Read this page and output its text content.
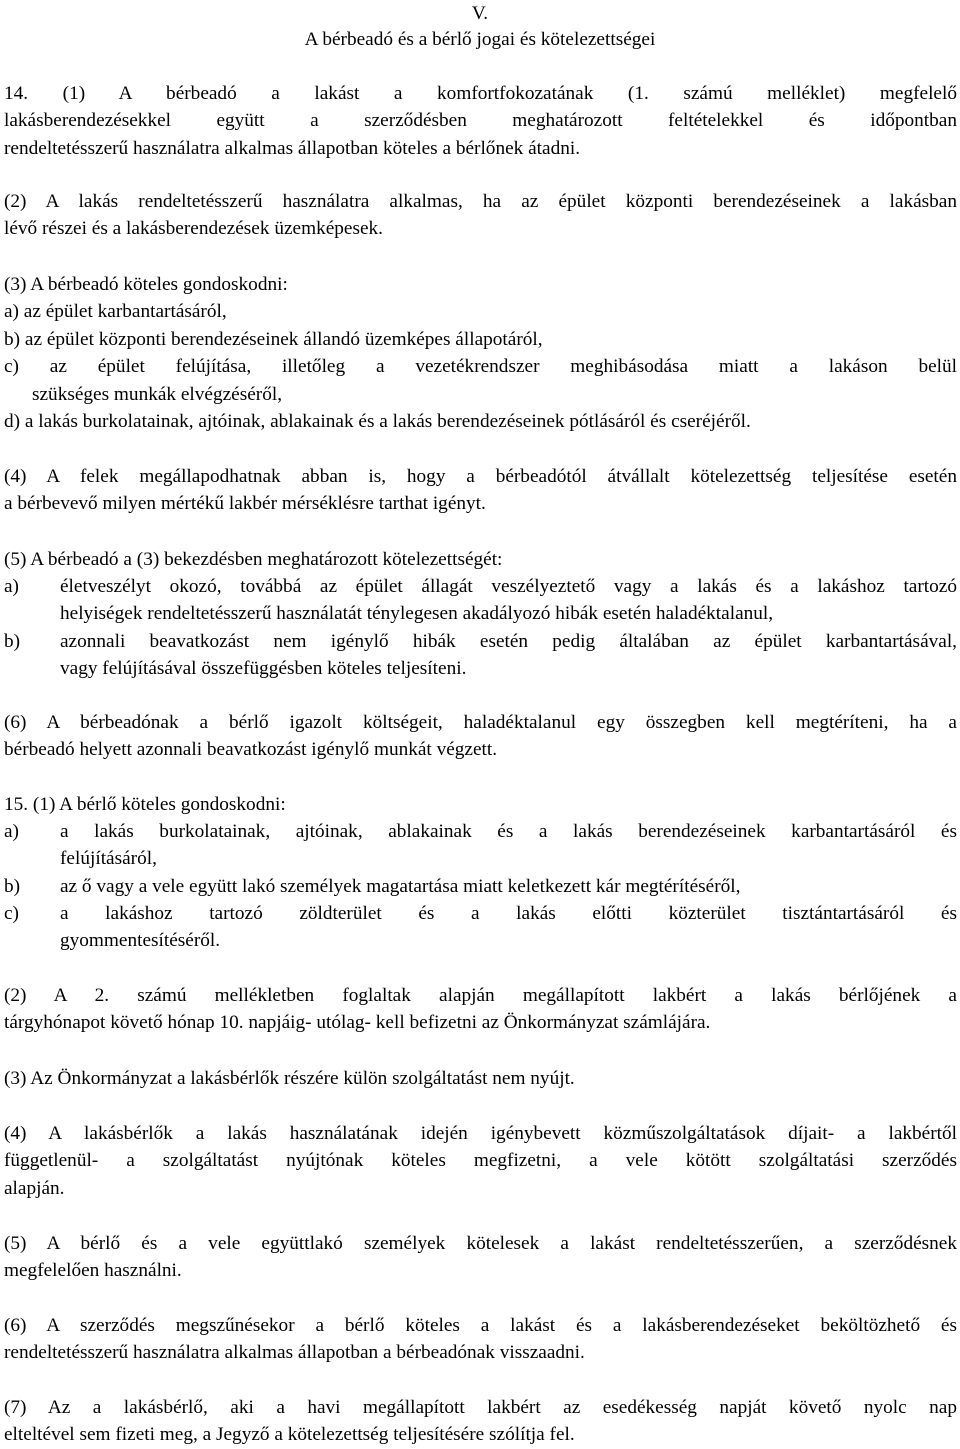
V.
A bérbeadó és a bérlő jogai és kötelezettségei
14. (1) A bérbeadó a lakást a komfortfokozatának (1. számú melléklet) megfelelő
lakásberendezésekkel együtt a szerződésben meghatározott feltételekkel és időpontban
rendeltetésszerű használatra alkalmas állapotban köteles a bérlőnek átadni.
(2) A lakás rendeltetésszerű használatra alkalmas, ha az épület központi berendezéseinek a lakásban
lévő részei és a lakásberendezések üzemképesek.
(3) A bérbeadó köteles gondoskodni:
a) az épület karbantartásáról,
b) az épület központi berendezéseinek állandó üzemképes állapotáról,
c) az épület felújítása, illetőleg a vezetékrendszer meghibásodása miatt a lakáson belül
szükséges munkák elvégzéséről,
d) a lakás burkolatainak, ajtóinak, ablakainak és a lakás berendezéseinek pótlásáról és cseréjéről.
(4) A felek megállapodhatnak abban is, hogy a bérbeadótól átvállalt kötelezettség teljesítése esetén
a bérbevevő milyen mértékű lakbér mérséklésre tarthat igényt.
(5) A bérbeadó a (3) bekezdésben meghatározott kötelezettségét:
a) életveszélyt okozó, továbbá az épület állagát veszélyeztető vagy a lakás és a lakáshoz tartozó
helyiségek rendeltetésszerű használatát ténylegesen akadályozó hibák esetén haladéktalanul,
b) azonnali beavatkozást nem igénylő hibák esetén pedig általában az épület karbantartásával,
vagy felújításával összefüggésben köteles teljesíteni.
(6) A bérbeadónak a bérlő igazolt költségeit, haladéktalanul egy összegben kell megtéríteni, ha a
bérbeadó helyett azonnali beavatkozást igénylő munkát végzett.
15. (1) A bérlő köteles gondoskodni:
a) a lakás burkolatainak, ajtóinak, ablakainak és a lakás berendezéseinek karbantartásáról és
felújításáról,
b) az ő vagy a vele együtt lakó személyek magatartása miatt keletkezett kár megtérítéséről,
c) a lakáshoz tartozó zöldterület és a lakás előtti közterület tisztántartásáról és
gyommentesítéséről.
(2) A 2. számú mellékletben foglaltak alapján megállapított lakbért a lakás bérlőjének a
tárgyhónapot követő hónap 10. napjáig- utólag- kell befizetni az Önkormányzat számlájára.
(3) Az Önkormányzat a lakásbérlők részére külön szolgáltatást nem nyújt.
(4) A lakásbérlők a lakás használatának idején igénybevett közműszolgáltatások díjait- a lakbértől
függetlenül- a szolgáltatást nyújtónak köteles megfizetni, a vele kötött szolgáltatási szerződés
alapján.
(5) A bérlő és a vele együttlakó személyek kötelesek a lakást rendeltetésszerűen, a szerződésnek
megfelelően használni.
(6) A szerződés megszűnésekor a bérlő köteles a lakást és a lakásberendezéseket beköltözhető és
rendeltetésszerű használatra alkalmas állapotban a bérbeadónak visszaadni.
(7) Az a lakásbérlő, aki a havi megállapított lakbért az esedékesség napját követő nyolc nap
elteltével sem fizeti meg, a Jegyző a kötelezettség teljesítésére szólítja fel.
